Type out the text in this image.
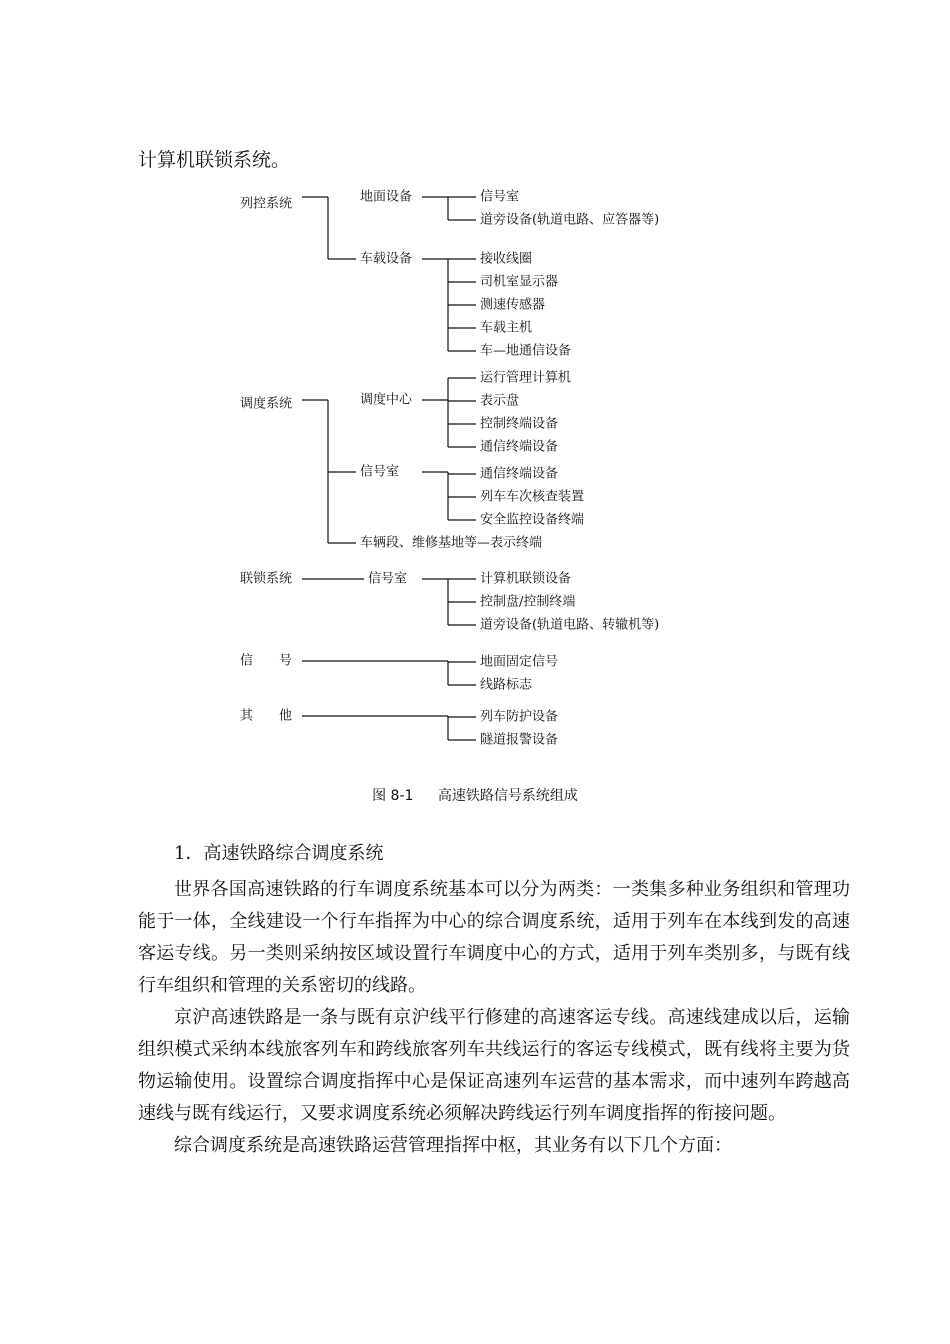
计算机联锁系统。

列控系统	地面设备	信号室
道旁设备(轨道电路、应答器等)
车载设备	接收线圈
司机室显示器
测速传感器
车载主机
车—地通信设备
调度系统	调度中心
运行管理计算机
表示盘
控制终端设备
通信终端设备
信号室	通信终端设备
列车车次核查装置
安全监控设备终端
车辆段、维修基地等—表示终端
联锁系统	信号室	计算机联锁设备
控制盘/控制终端
道旁设备(轨道电路、转辙机等)
信　　号	地面固定信号
线路标志
其　　他	列车防护设备
隧道报警设备

图 8-1 高速铁路信号系统组成

1．高速铁路综合调度系统

世界各国高速铁路的行车调度系统基本可以分为两类：一类集多种业务组织和管理功能于一体，全线建设一个行车指挥为中心的综合调度系统，适用于列车在本线到发的高速客运专线。另一类则采纳按区域设置行车调度中心的方式，适用于列车类别多，与既有线行车组织和管理的关系密切的线路。

京沪高速铁路是一条与既有京沪线平行修建的高速客运专线。高速线建成以后，运输组织模式采纳本线旅客列车和跨线旅客列车共线运行的客运专线模式，既有线将主要为货物运输使用。设置综合调度指挥中心是保证高速列车运营的基本需求，而中速列车跨越高速线与既有线运行，又要求调度系统必须解决跨线运行列车调度指挥的衔接问题。

综合调度系统是高速铁路运营管理指挥中枢，其业务有以下几个方面：
